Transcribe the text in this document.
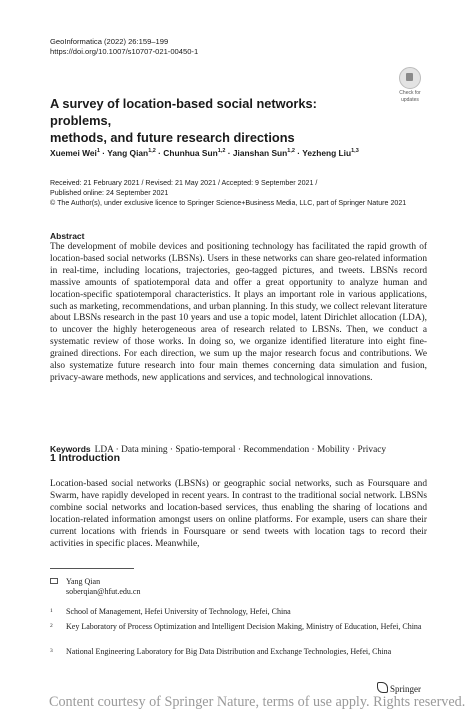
GeoInformatica (2022) 26:159–199
https://doi.org/10.1007/s10707-021-00450-1
Check for
updates
A survey of location-based social networks: problems,
methods, and future research directions
Xuemei Wei$^1$ · Yang Qian$^{1,2}$ · Chunhua Sun$^{1,2}$ · Jianshan Sun$^{1,2}$ · Yezheng Liu$^{1,3}$
Received: 21 February 2021 / Revised: 21 May 2021 / Accepted: 9 September 2021 /
Published online: 24 September 2021
© The Author(s), under exclusive licence to Springer Science+Business Media, LLC, part of Springer Nature 2021
Abstract
The development of mobile devices and positioning technology has facilitated the rapid growth of location-based social networks (LBSNs). Users in these networks can share geo-related information in real-time, including locations, trajectories, geo-tagged pictures, and tweets. LBSNs record massive amounts of spatiotemporal data and offer a great opportunity to analyze human and location-specific spatiotemporal characteristics. It plays an important role in various applications, such as marketing, recommendations, and urban planning. In this study, we collect relevant literature about LBSNs research in the past 10 years and use a topic model, latent Dirichlet allocation (LDA), to uncover the highly heterogeneous area of research related to LBSNs. Then, we conduct a systematic review of those works. In doing so, we organize identified literature into eight fine-grained directions. For each direction, we sum up the major research focus and contributions. We also systematize future research into four main themes concerning data simulation and fusion, privacy-aware methods, new applications and services, and technological innovations.
Keywords LDA · Data mining · Spatio-temporal · Recommendation · Mobility · Privacy
1 Introduction
Location-based social networks (LBSNs) or geographic social networks, such as Foursquare and Swarm, have rapidly developed in recent years. In contrast to the traditional social network. LBSNs combine social networks and location-based services, thus enabling the sharing of locations and location-related information amongst users on online platforms. For example, users can share their current locations with friends in Foursquare or send tweets with location tags to record their activities in specific places. Meanwhile,
Yang Qian
soberqian@hfut.edu.cn
1 School of Management, Hefei University of Technology, Hefei, China
2 Key Laboratory of Process Optimization and Intelligent Decision Making, Ministry of Education, Hefei, China
3 National Engineering Laboratory for Big Data Distribution and Exchange Technologies, Hefei, China
Springer
Content courtesy of Springer Nature, terms of use apply. Rights reserved.
